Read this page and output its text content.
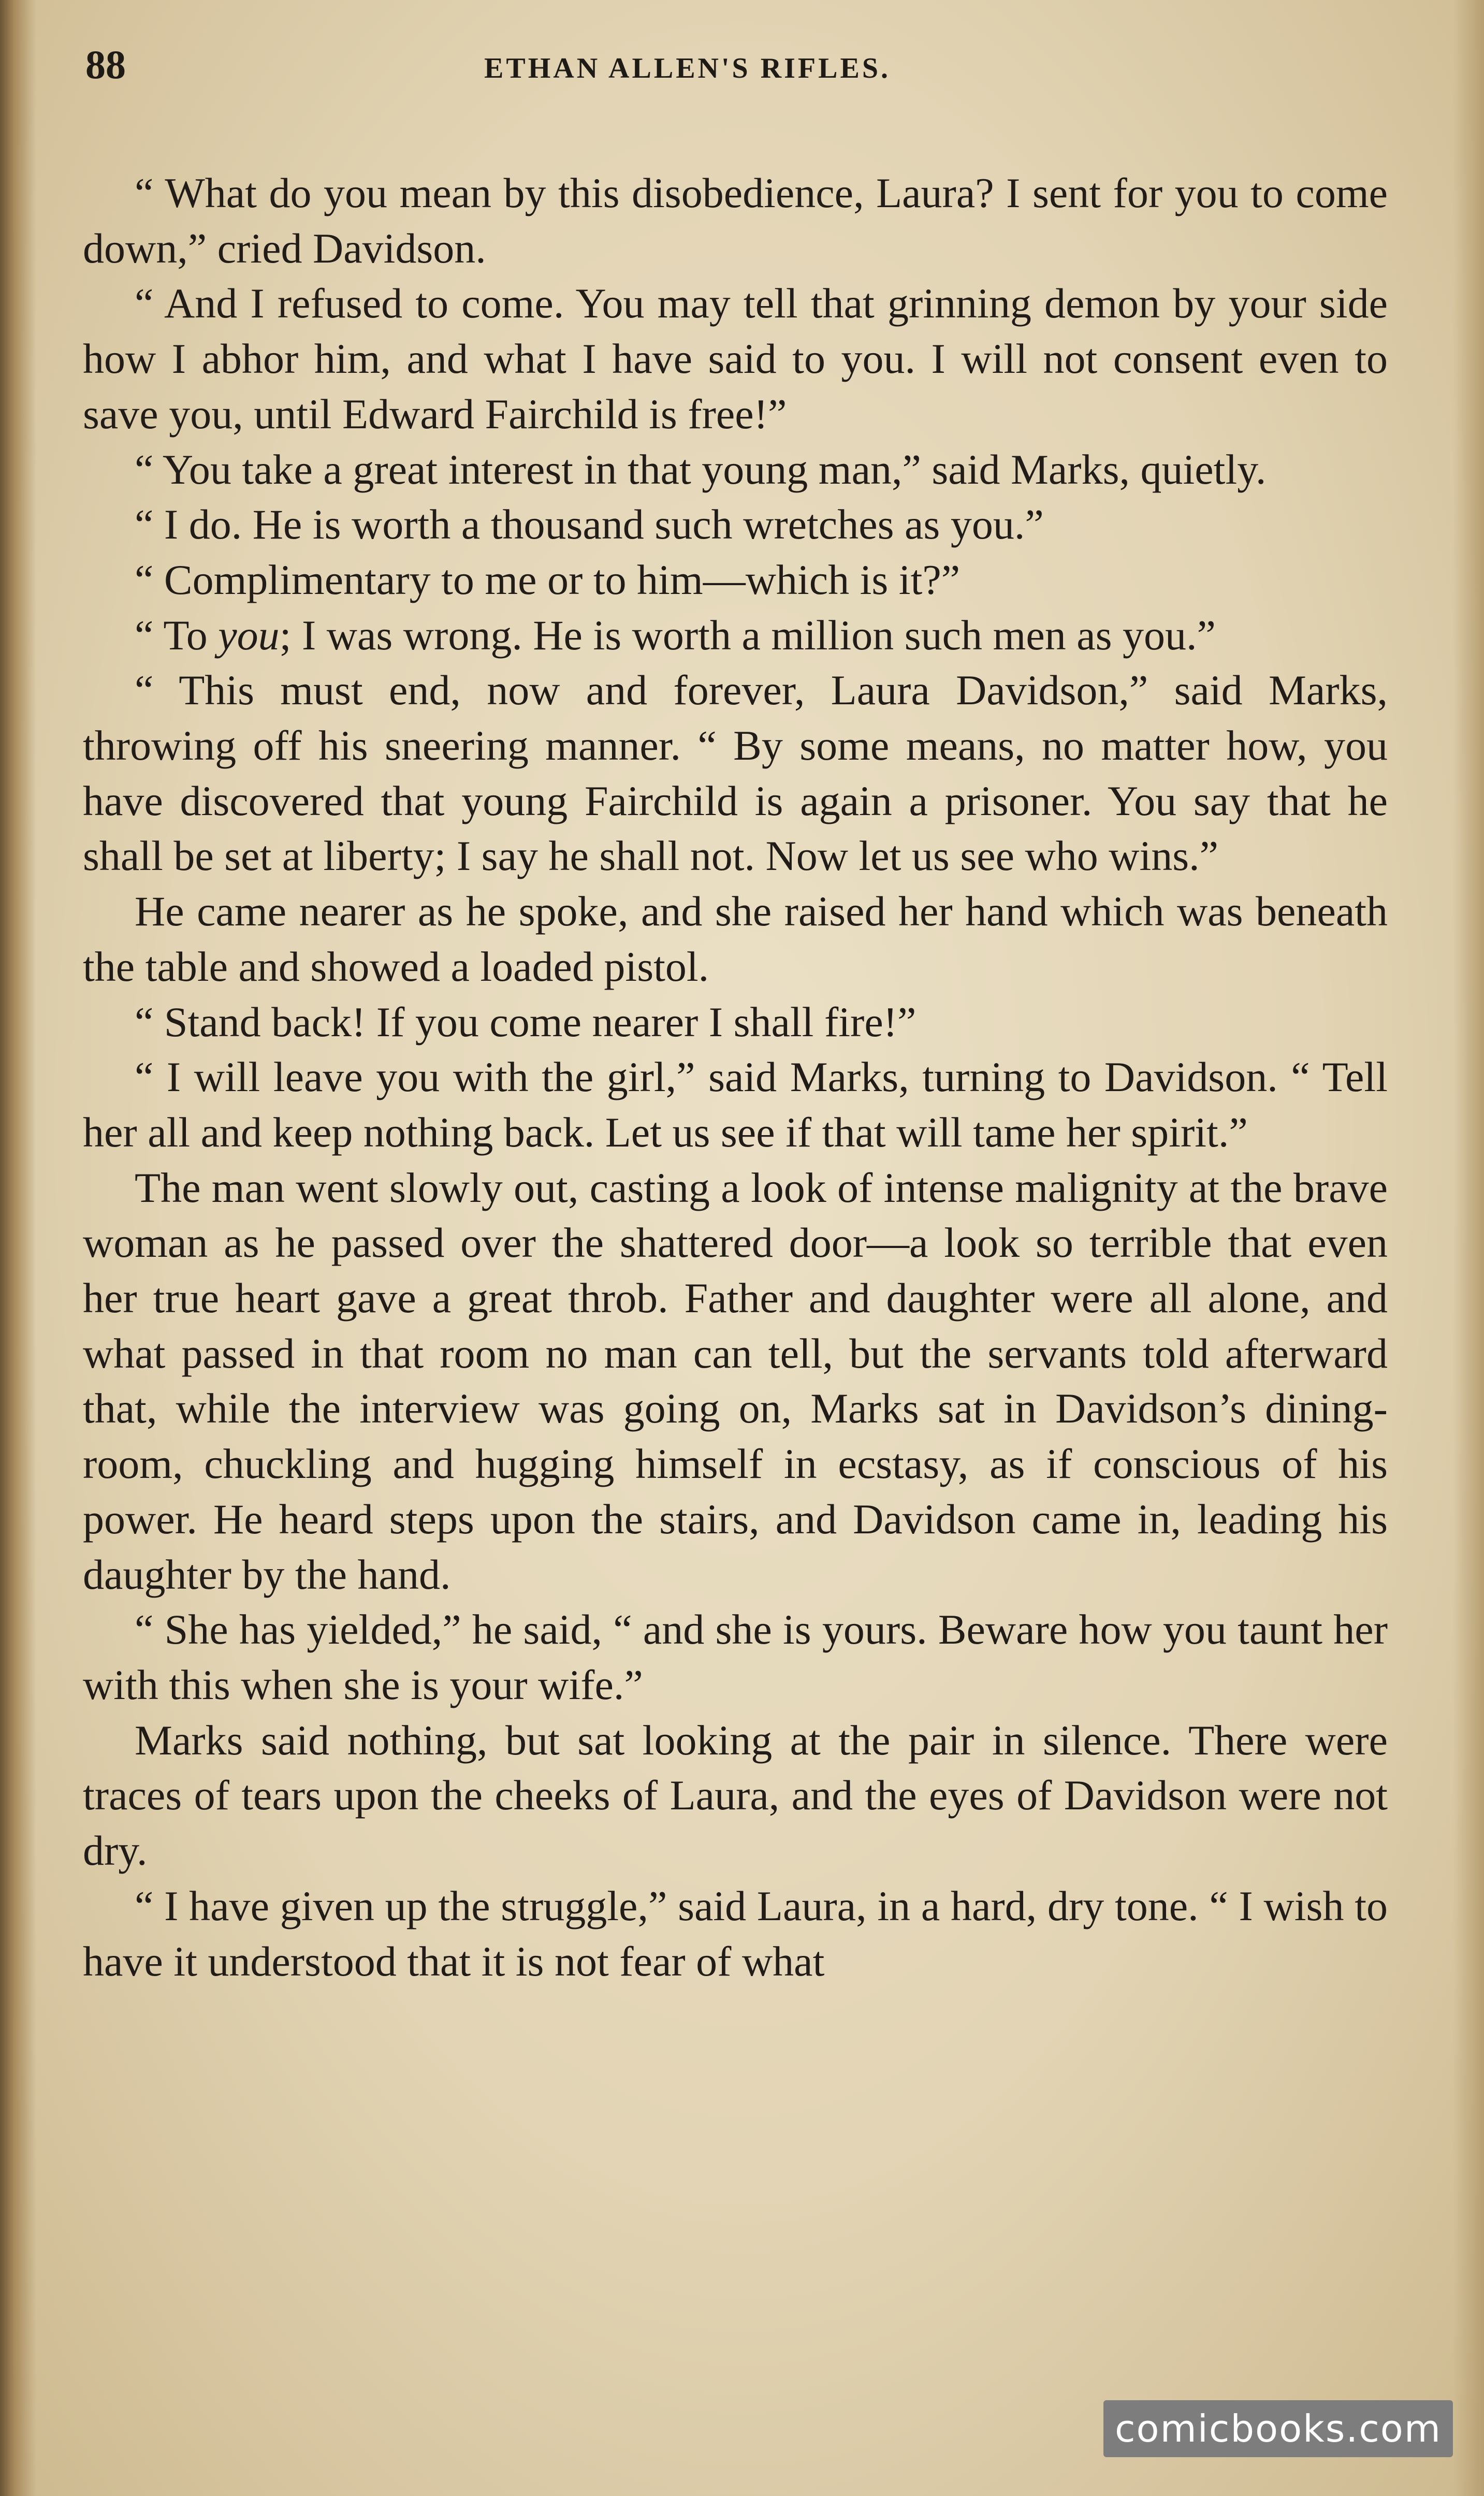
88	ETHAN ALLEN'S RIFLES.

“ What do you mean by this disobedience, Laura? I sent for you to come down,” cried Davidson.

“ And I refused to come. You may tell that grinning demon by your side how I abhor him, and what I have said to you. I will not consent even to save you, until Edward Fairchild is free!”

“ You take a great interest in that young man,” said Marks, quietly.

“ I do. He is worth a thousand such wretches as you.”

“ Complimentary to me or to him—which is it?”

“ To you; I was wrong. He is worth a million such men as you.”

“ This must end, now and forever, Laura Davidson,” said Marks, throwing off his sneering manner. “ By some means, no matter how, you have discovered that young Fairchild is again a prisoner. You say that he shall be set at liberty; I say he shall not. Now let us see who wins.”

He came nearer as he spoke, and she raised her hand which was beneath the table and showed a loaded pistol.

“ Stand back! If you come nearer I shall fire!”

“ I will leave you with the girl,” said Marks, turning to Davidson. “ Tell her all and keep nothing back. Let us see if that will tame her spirit.”

The man went slowly out, casting a look of intense malignity at the brave woman as he passed over the shattered door—a look so terrible that even her true heart gave a great throb. Father and daughter were all alone, and what passed in that room no man can tell, but the servants told afterward that, while the interview was going on, Marks sat in Davidson’s dining-room, chuckling and hugging himself in ecstasy, as if conscious of his power. He heard steps upon the stairs, and Davidson came in, leading his daughter by the hand.

“ She has yielded,” he said, “ and she is yours. Beware how you taunt her with this when she is your wife.”

Marks said nothing, but sat looking at the pair in silence. There were traces of tears upon the cheeks of Laura, and the eyes of Davidson were not dry.

“ I have given up the struggle,” said Laura, in a hard, dry tone. “ I wish to have it understood that it is not fear of what

comicbooks.com
